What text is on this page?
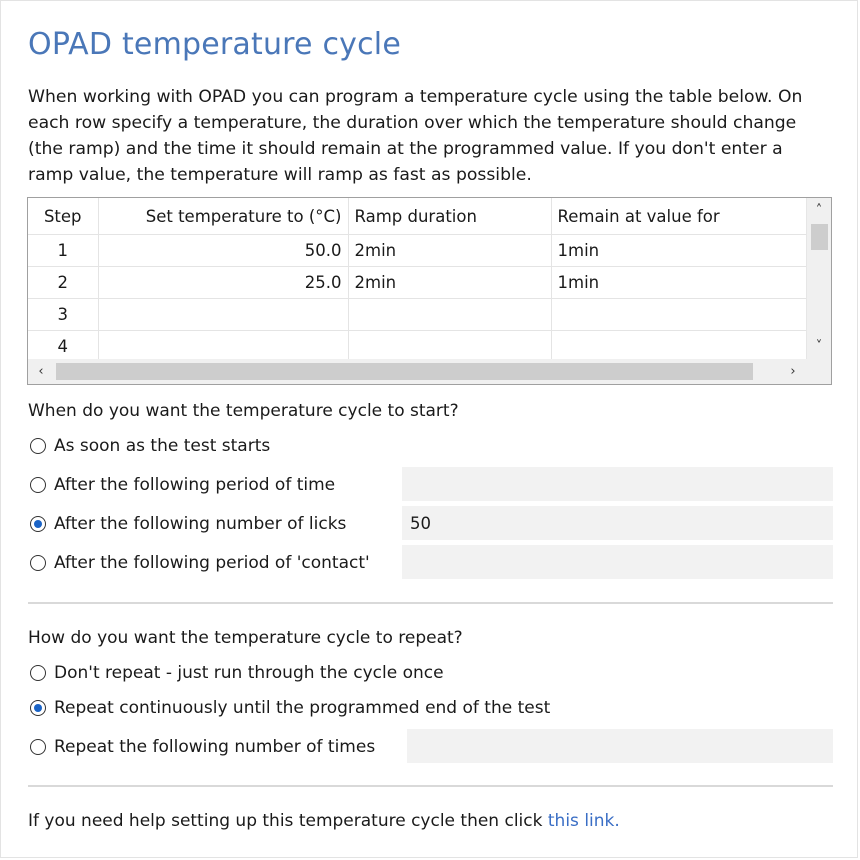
OPAD temperature cycle
When working with OPAD you can program a temperature cycle using the table below. On each row specify a temperature, the duration over which the temperature should change (the ramp) and the time it should remain at the programmed value. If you don't enter a ramp value, the temperature will ramp as fast as possible.
Step	Set temperature to (°C)	Ramp duration	Remain at value for
1	50.0	2min	1min
2	25.0	2min	1min
3			
4			
˄
˅
‹	›
When do you want the temperature cycle to start?
As soon as the test starts
After the following period of time
After the following number of licks
50
After the following period of 'contact'
How do you want the temperature cycle to repeat?
Don't repeat - just run through the cycle once
Repeat continuously until the programmed end of the test
Repeat the following number of times
If you need help setting up this temperature cycle then click this link.
